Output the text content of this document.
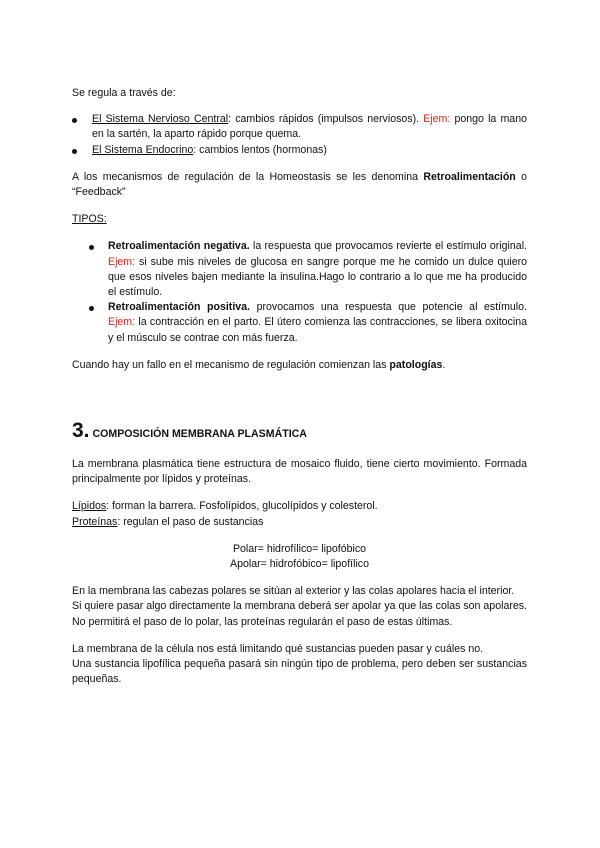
Se regula a través de:

El Sistema Nervioso Central: cambios rápidos (impulsos nerviosos). Ejem: pongo la mano en la sartén, la aparto rápido porque quema.
El Sistema Endocrino: cambios lentos (hormonas)

A los mecanismos de regulación de la Homeostasis se les denomina Retroalimentación o “Feedback”

TIPOS:

Retroalimentación negativa. la respuesta que provocamos revierte el estímulo original. Ejem: si sube mis niveles de glucosa en sangre porque me he comido un dulce quiero que esos niveles bajen mediante la insulina.Hago lo contrario a lo que me ha producido el estímulo.
Retroalimentación positiva. provocamos una respuesta que potencie al estímulo. Ejem: la contracción en el parto. El útero comienza las contracciones, se libera oxitocina y el músculo se contrae con más fuerza.

Cuando hay un fallo en el mecanismo de regulación comienzan las patologías.

3. COMPOSICIÓN MEMBRANA PLASMÁTICA

La membrana plasmática tiene estructura de mosaico fluido, tiene cierto movimiento. Formada principalmente por lípidos y proteínas.

Lípidos: forman la barrera. Fosfolípidos, glucolípidos y colesterol.

Proteínas: regulan el paso de sustancias

Polar= hidrofílico= lipofóbico

Apolar= hidrofóbico= lipofílico

En la membrana las cabezas polares se sitúan al exterior y las colas apolares hacia el interior.

Si quiere pasar algo directamente la membrana deberá ser apolar ya que las colas son apolares. No permitirá el paso de lo polar, las proteínas regularán el paso de estas últimas.

La membrana de la célula nos está limitando qué sustancias pueden pasar y cuáles no.

Una sustancia lipofílica pequeña pasará sin ningún tipo de problema, pero deben ser sustancias pequeñas.
